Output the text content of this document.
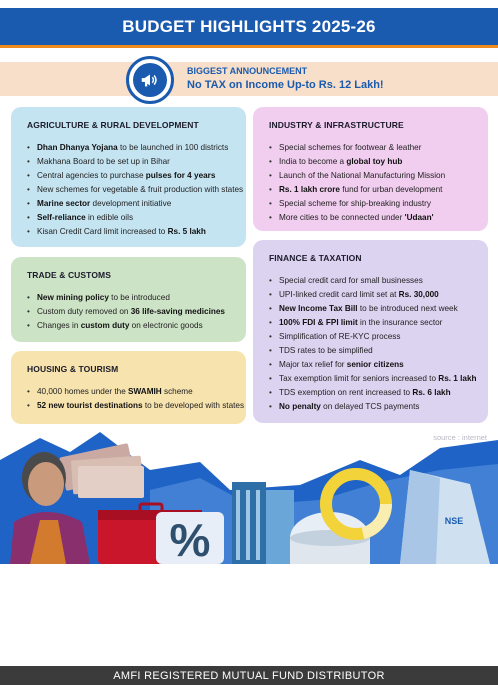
BUDGET HIGHLIGHTS 2025-26
BIGGEST ANNOUNCEMENT
No TAX on Income Up-to Rs. 12 Lakh!
AGRICULTURE & RURAL DEVELOPMENT
• Dhan Dhanya Yojana to be launched in 100 districts
• Makhana Board to be set up in Bihar
• Central agencies to purchase pulses for 4 years
• New schemes for vegetable & fruit production with states
• Marine sector development initiative
• Self-reliance in edible oils
• Kisan Credit Card limit increased to Rs. 5 lakh
TRADE & CUSTOMS
• New mining policy to be introduced
• Custom duty removed on 36 life-saving medicines
• Changes in custom duty on electronic goods
HOUSING & TOURISM
• 40,000 homes under the SWAMIH scheme
• 52 new tourist destinations to be developed with states
INDUSTRY & INFRASTRUCTURE
• Special schemes for footwear & leather
• India to become a global toy hub
• Launch of the National Manufacturing Mission
• Rs. 1 lakh crore fund for urban development
• Special scheme for ship-breaking industry
• More cities to be connected under 'Udaan'
FINANCE & TAXATION
• Special credit card for small businesses
• UPI-linked credit card limit set at Rs. 30,000
• New Income Tax Bill to be introduced next week
• 100% FDI & FPI limit in the insurance sector
• Simplification of RE-KYC process
• TDS rates to be simplified
• Major tax relief for senior citizens
• Tax exemption limit for seniors increased to Rs. 1 lakh
• TDS exemption on rent increased to Rs. 6 lakh
• No penalty on delayed TCS payments
source : internet
%	NSE
AMFI REGISTERED MUTUAL FUND DISTRIBUTOR
